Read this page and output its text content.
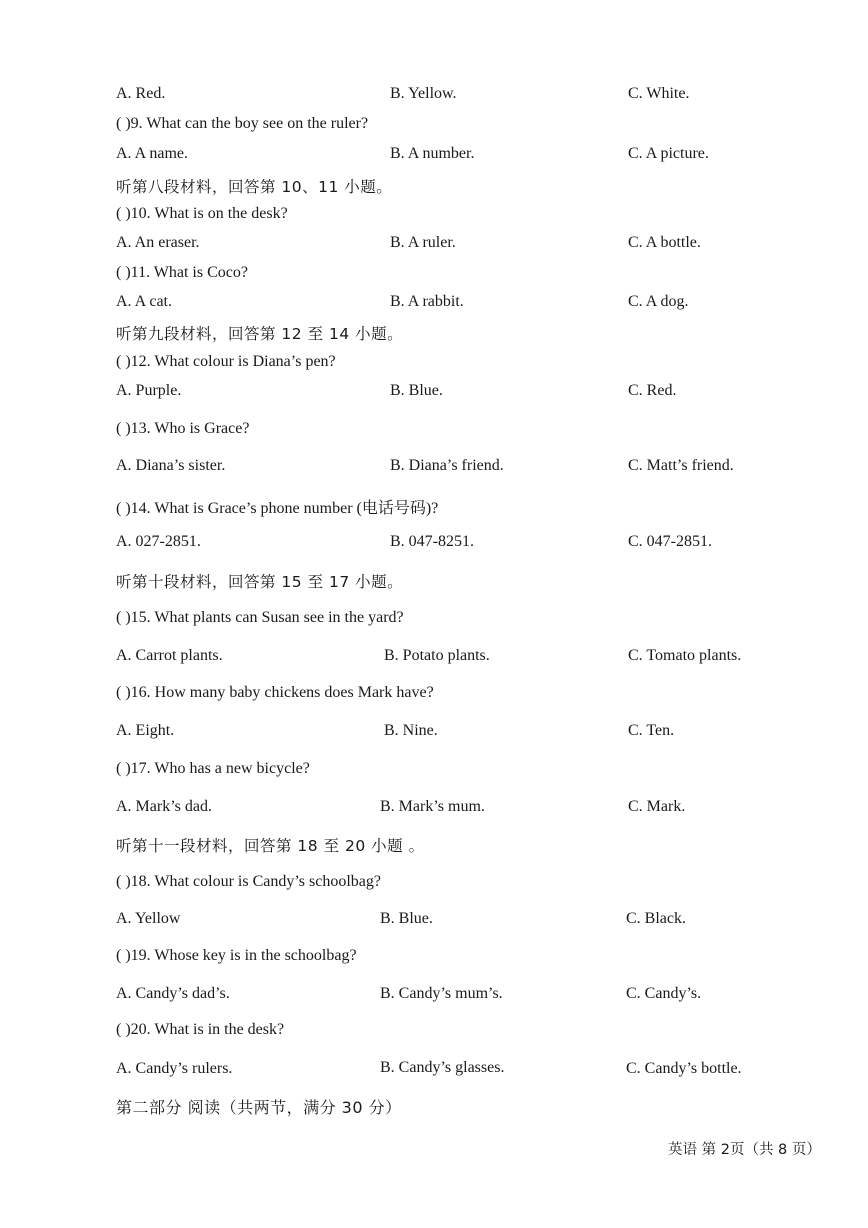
A. Red.	B. Yellow.	C. White.
( )9. What can the boy see on the ruler?
A. A name.	B. A number.	C. A picture.
听第八段材料，回答第 10、11 小题。
( )10. What is on the desk?
A. An eraser.	B. A ruler.	C. A bottle.
( )11. What is Coco?
A. A cat.	B. A rabbit.	C. A dog.
听第九段材料，回答第 12 至 14 小题。
( )12. What colour is Diana’s pen?
A. Purple.	B. Blue.	C. Red.
( )13. Who is Grace?
A. Diana’s sister.	B. Diana’s friend.	C. Matt’s friend.
( )14. What is Grace’s phone number (电话号码)?
A. 027-2851.	B. 047-8251.	C. 047-2851.
听第十段材料，回答第 15 至 17 小题。
( )15. What plants can Susan see in the yard?
A. Carrot plants.	B. Potato plants.	C. Tomato plants.
( )16. How many baby chickens does Mark have?
A. Eight.	B. Nine.	C. Ten.
( )17. Who has a new bicycle?
A. Mark’s dad.	B. Mark’s mum.	C. Mark.
听第十一段材料，回答第 18 至 20 小题 。
( )18. What colour is Candy’s schoolbag?
A. Yellow	B. Blue.	C. Black.
( )19. Whose key is in the schoolbag?
A. Candy’s dad’s.	B. Candy’s mum’s.	C. Candy’s.
( )20. What is in the desk?
A. Candy’s rulers.	B. Candy’s glasses.	C. Candy’s bottle.
第二部分 阅读（共两节，满分 30 分）
英语 第 2页（共 8 页）
